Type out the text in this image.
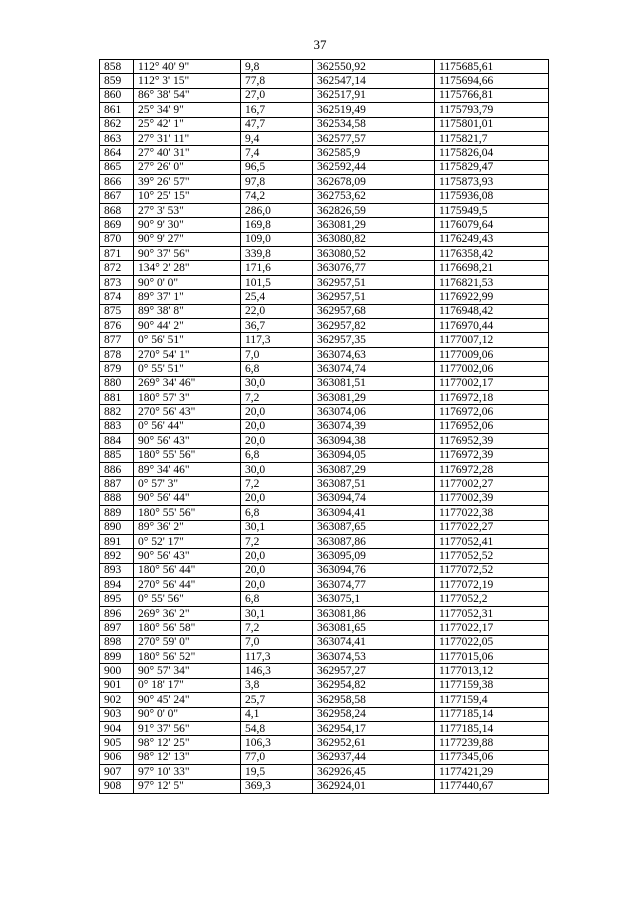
37
858	112° 40' 9"	9,8	362550,92	1175685,61
859	112° 3' 15"	77,8	362547,14	1175694,66
860	86° 38' 54"	27,0	362517,91	1175766,81
861	25° 34' 9"	16,7	362519,49	1175793,79
862	25° 42' 1"	47,7	362534,58	1175801,01
863	27° 31' 11"	9,4	362577,57	1175821,7
864	27° 40' 31"	7,4	362585,9	1175826,04
865	27° 26' 0"	96,5	362592,44	1175829,47
866	39° 26' 57"	97,8	362678,09	1175873,93
867	10° 25' 15"	74,2	362753,62	1175936,08
868	27° 3' 53"	286,0	362826,59	1175949,5
869	90° 9' 30"	169,8	363081,29	1176079,64
870	90° 9' 27"	109,0	363080,82	1176249,43
871	90° 37' 56"	339,8	363080,52	1176358,42
872	134° 2' 28"	171,6	363076,77	1176698,21
873	90° 0' 0"	101,5	362957,51	1176821,53
874	89° 37' 1"	25,4	362957,51	1176922,99
875	89° 38' 8"	22,0	362957,68	1176948,42
876	90° 44' 2"	36,7	362957,82	1176970,44
877	0° 56' 51"	117,3	362957,35	1177007,12
878	270° 54' 1"	7,0	363074,63	1177009,06
879	0° 55' 51"	6,8	363074,74	1177002,06
880	269° 34' 46"	30,0	363081,51	1177002,17
881	180° 57' 3"	7,2	363081,29	1176972,18
882	270° 56' 43"	20,0	363074,06	1176972,06
883	0° 56' 44"	20,0	363074,39	1176952,06
884	90° 56' 43"	20,0	363094,38	1176952,39
885	180° 55' 56"	6,8	363094,05	1176972,39
886	89° 34' 46"	30,0	363087,29	1176972,28
887	0° 57' 3"	7,2	363087,51	1177002,27
888	90° 56' 44"	20,0	363094,74	1177002,39
889	180° 55' 56"	6,8	363094,41	1177022,38
890	89° 36' 2"	30,1	363087,65	1177022,27
891	0° 52' 17"	7,2	363087,86	1177052,41
892	90° 56' 43"	20,0	363095,09	1177052,52
893	180° 56' 44"	20,0	363094,76	1177072,52
894	270° 56' 44"	20,0	363074,77	1177072,19
895	0° 55' 56"	6,8	363075,1	1177052,2
896	269° 36' 2"	30,1	363081,86	1177052,31
897	180° 56' 58"	7,2	363081,65	1177022,17
898	270° 59' 0"	7,0	363074,41	1177022,05
899	180° 56' 52"	117,3	363074,53	1177015,06
900	90° 57' 34"	146,3	362957,27	1177013,12
901	0° 18' 17"	3,8	362954,82	1177159,38
902	90° 45' 24"	25,7	362958,58	1177159,4
903	90° 0' 0"	4,1	362958,24	1177185,14
904	91° 37' 56"	54,8	362954,17	1177185,14
905	98° 12' 25"	106,3	362952,61	1177239,88
906	98° 12' 13"	77,0	362937,44	1177345,06
907	97° 10' 33"	19,5	362926,45	1177421,29
908	97° 12' 5"	369,3	362924,01	1177440,67
